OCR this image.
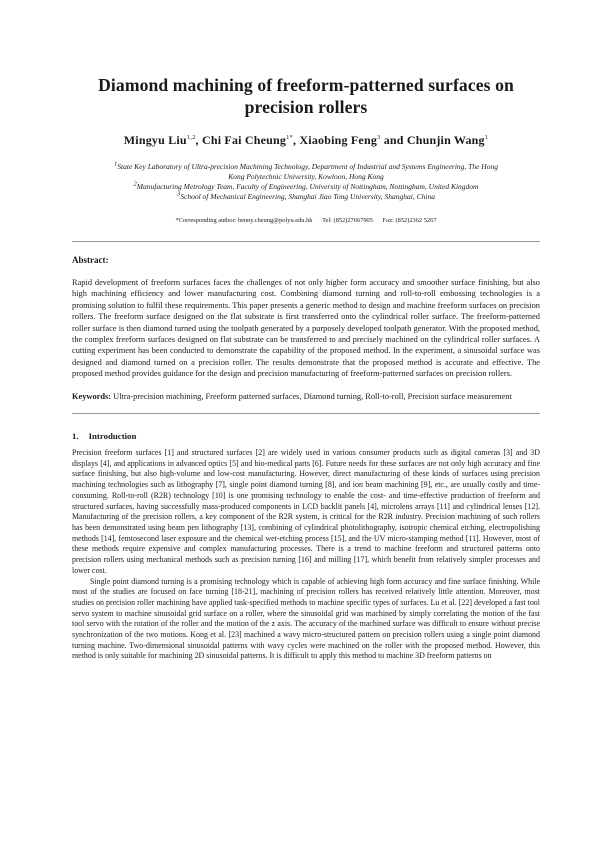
Diamond machining of freeform-patterned surfaces on
precision rollers
Mingyu Liu$^{1,2}$, Chi Fai Cheung$^{1*}$, Xiaobing Feng$^3$ and Chunjin Wang$^1$

$^1$State Key Laboratory of Ultra-precision Machining Technology, Department of Industrial and Systems Engineering, The Hong
Kong Polytechnic University, Kowloon, Hong Kong

$^2$Manufacturing Metrology Team, Faculty of Engineering, University of Nottingham, Nottingham, United Kingdom

$^3$School of Mechanical Engineering, Shanghai Jiao Tong University, Shanghai, China

*Corresponding author: benny.cheung@polyu.edu.hk Tel: (852)27667905 Fax: (852)2362 5267
Abstract:

Rapid development of freeform surfaces faces the challenges of not only higher form accuracy and smoother surface finishing, but also high machining efficiency and lower manufacturing cost. Combining diamond turning and roll-to-roll embossing technologies is a promising solution to fulfil these requirements. This paper presents a generic method to design and machine freeform surfaces on precision rollers. The freeform surface designed on the flat substrate is first transferred onto the cylindrical roller surface. The freeform-patterned roller surface is then diamond turned using the toolpath generated by a purposely developed toolpath generator. With the proposed method, the complex freeform surfaces designed on flat substrate can be transferred to and precisely machined on the cylindrical roller surfaces. A cutting experiment has been conducted to demonstrate the capability of the proposed method. In the experiment, a sinusoidal surface was designed and diamond turned on a precision roller. The results demonstrate that the proposed method is accurate and effective. The proposed method provides guidance for the design and precision manufacturing of freeform-patterned surfaces on precision rollers.

Keywords: Ultra-precision machining, Freeform patterned surfaces, Diamond turning, Roll-to-roll, Precision surface measurement

1. Introduction

Precision freeform surfaces [1] and structured surfaces [2] are widely used in various consumer products such as digital cameras [3] and 3D displays [4], and applications in advanced optics [5] and bio-medical parts [6]. Future needs for these surfaces are not only high accuracy and fine surface finishing, but also high-volume and low-cost manufacturing. However, direct manufacturing of these kinds of surfaces using precision machining technologies such as lithography [7], single point diamond turning [8], and ion beam machining [9], etc., are usually costly and time-consuming. Roll-to-roll (R2R) technology [10] is one promising technology to enable the cost- and time-effective production of freeform and structured surfaces, having successfully mass-produced components in LCD backlit panels [4], microlens arrays [11] and cylindrical lenses [12]. Manufacturing of the precision rollers, a key component of the R2R system, is critical for the R2R industry. Precision machining of such rollers has been demonstrated using beam pen lithography [13], combining of cylindrical photolithography, isotropic chemical etching, electropolishing methods [14], femtosecond laser exposure and the chemical wet-etching process [15], and the UV micro-stamping method [11]. However, most of these methods require expensive and complex manufacturing processes. There is a trend to machine freeform and structured patterns onto precision rollers using mechanical methods such as precision turning [16] and milling [17], which benefit from relatively simpler processes and lower cost.

Single point diamond turning is a promising technology which is capable of achieving high form accuracy and fine surface finishing. While most of the studies are focused on face turning [18-21], machining of precision rollers has received relatively little attention. Moreover, most studies on precision roller machining have applied task-specified methods to machine specific types of surfaces. Lu et al. [22] developed a fast tool servo system to machine sinusoidal grid surface on a roller, where the sinusoidal grid was machined by simply correlating the motion of the fast tool servo with the rotation of the roller and the motion of the z axis. The accuracy of the machined surface was difficult to ensure without precise synchronization of the two motions. Kong et al. [23] machined a wavy micro-structured pattern on precision rollers using a single point diamond turning machine. Two-dimensional sinusoidal patterns with wavy cycles were machined on the roller with the proposed method. However, this method is only suitable for machining 2D sinusoidal patterns. It is difficult to apply this method to machine 3D freeform patterns on
